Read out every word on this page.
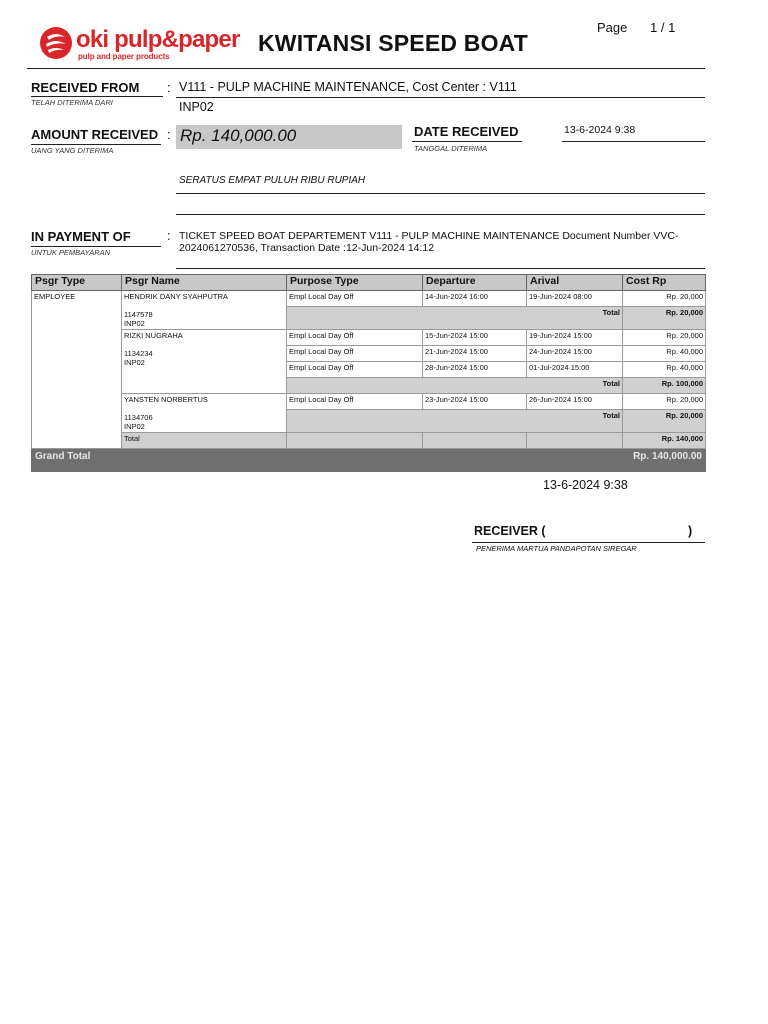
oki pulp&paper
pulp and paper products
KWITANSI SPEED BOAT
Page 1 / 1
RECEIVED FROM
TELAH DITERIMA DARI
: V111 - PULP MACHINE MAINTENANCE, Cost Center : V111
INP02
AMOUNT RECEIVED
UANG YANG DITERIMA
: Rp. 140,000.00	DATE RECEIVED
TANGGAL DITERIMA
13-6-2024 9:38
SERATUS EMPAT PULUH RIBU RUPIAH
IN PAYMENT OF
UNTUK PEMBAYARAN
: TICKET SPEED BOAT DEPARTEMENT V111 - PULP MACHINE MAINTENANCE Document Number VVC-2024061270536, Transaction Date :12-Jun-2024 14:12
Psgr Type	Psgr Name	Purpose Type	Departure	Arival	Cost Rp
EMPLOYEE	HENDRIK DANY SYAHPUTRA
1147578
INP02	Empl Local Day Off	14-Jun-2024 16:00	19-Jun-2024 08:00	Rp. 20,000
		Total			Rp. 20,000

	RIZKI NUGRAHA
1134234
INP02	Empl Local Day Off	15-Jun-2024 15:00	19-Jun-2024 15:00	Rp. 20,000
		Empl Local Day Off	21-Jun-2024 15:00	24-Jun-2024 15:00	Rp. 40,000
		Empl Local Day Off	28-Jun-2024 15:00	01-Jul-2024 15:00	Rp. 40,000
		Total			Rp. 100,000

	YANSTEN NORBERTUS
1134706
INP02	Empl Local Day Off	23-Jun-2024 15:00	26-Jun-2024 15:00	Rp. 20,000
		Total			Rp. 20,000
	Total				Rp. 140,000
Grand Total					Rp. 140,000.00
13-6-2024 9:38
RECEIVER (	)
PENERIMA MARTUA PANDAPOTAN SIREGAR
